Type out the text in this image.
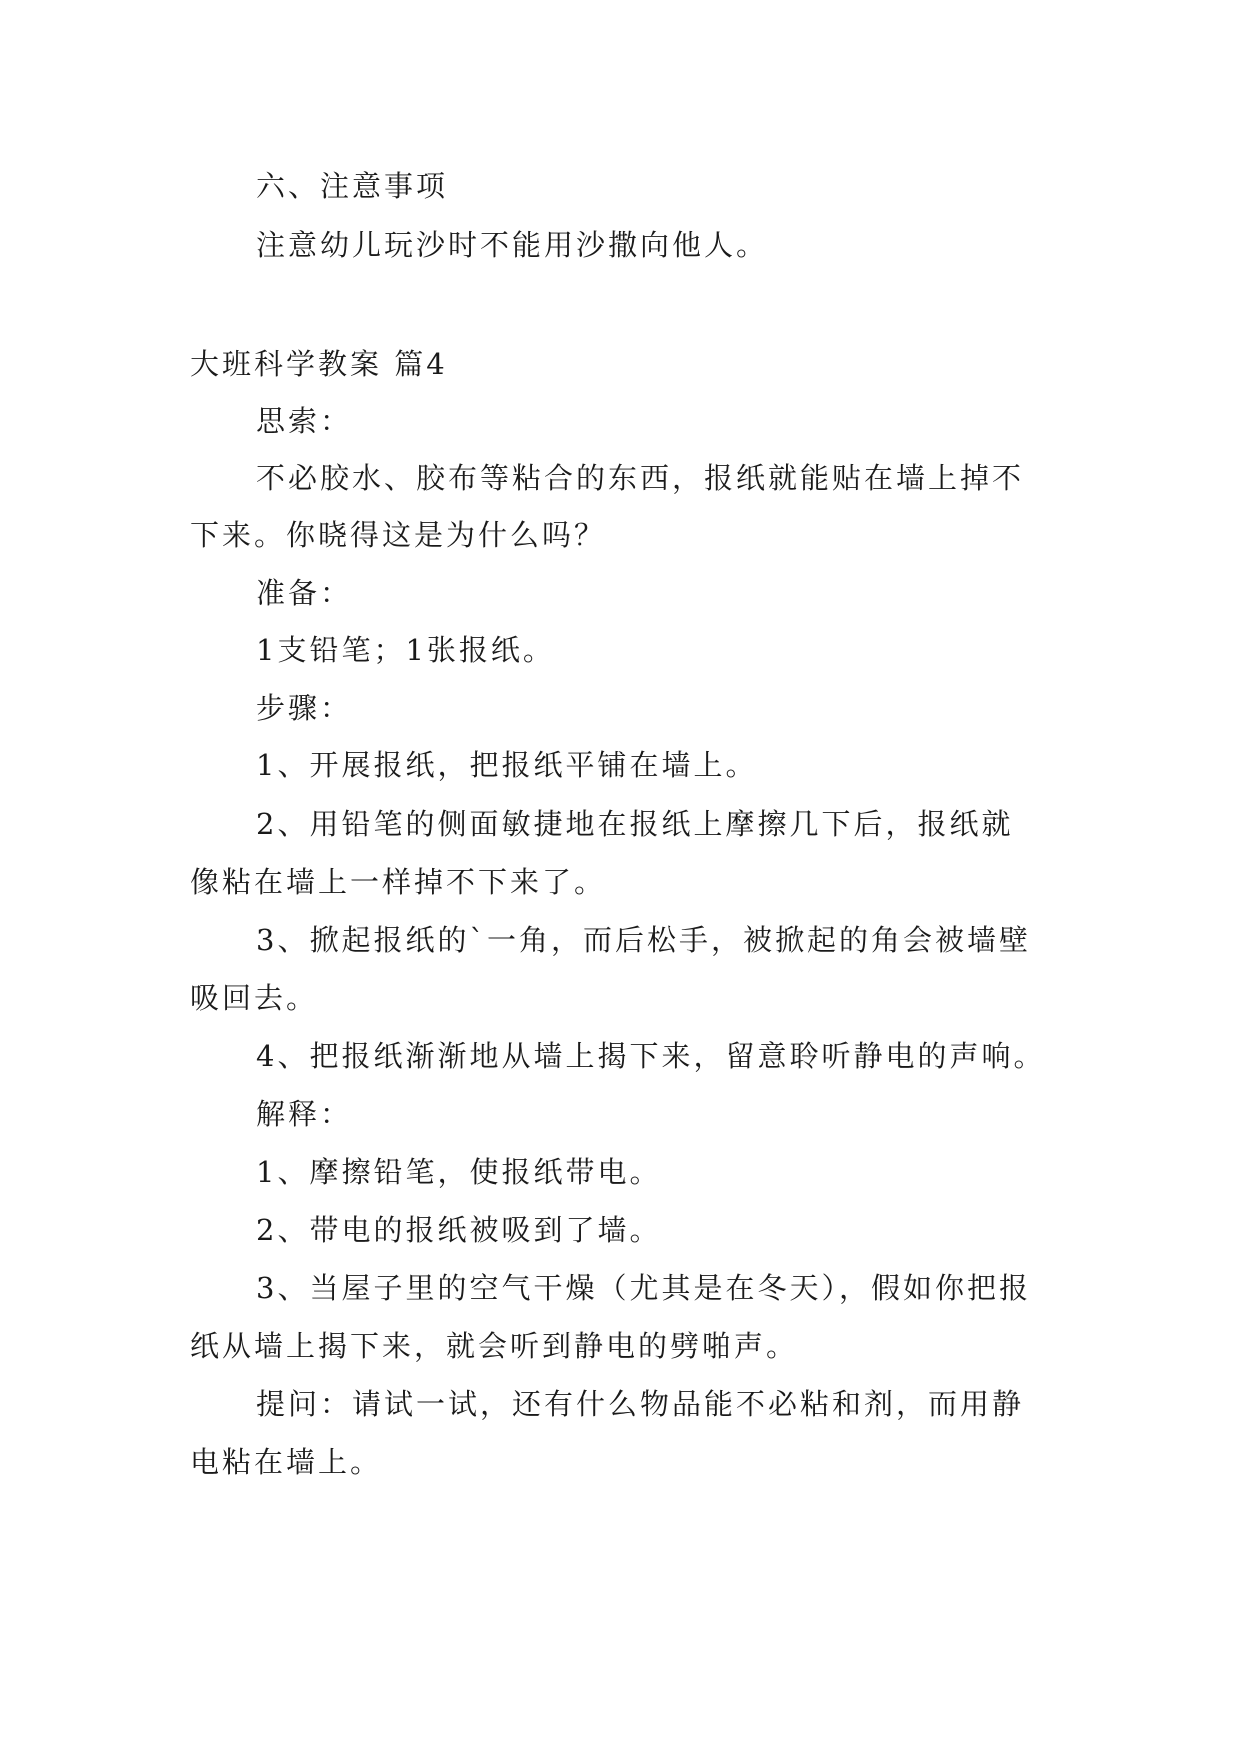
六、注意事项
注意幼儿玩沙时不能用沙撒向他人。
大班科学教案 篇4
思索：
不必胶水、胶布等粘合的东西，报纸就能贴在墙上掉不
下来。你晓得这是为什么吗？
准备：
1支铅笔；1张报纸。
步骤：
1、开展报纸，把报纸平铺在墙上。
2、用铅笔的侧面敏捷地在报纸上摩擦几下后，报纸就
像粘在墙上一样掉不下来了。
3、掀起报纸的`一角，而后松手，被掀起的角会被墙壁
吸回去。
4、把报纸渐渐地从墙上揭下来，留意聆听静电的声响。
解释：
1、摩擦铅笔，使报纸带电。
2、带电的报纸被吸到了墙。
3、当屋子里的空气干燥（尤其是在冬天），假如你把报
纸从墙上揭下来，就会听到静电的劈啪声。
提问：请试一试，还有什么物品能不必粘和剂，而用静
电粘在墙上。
